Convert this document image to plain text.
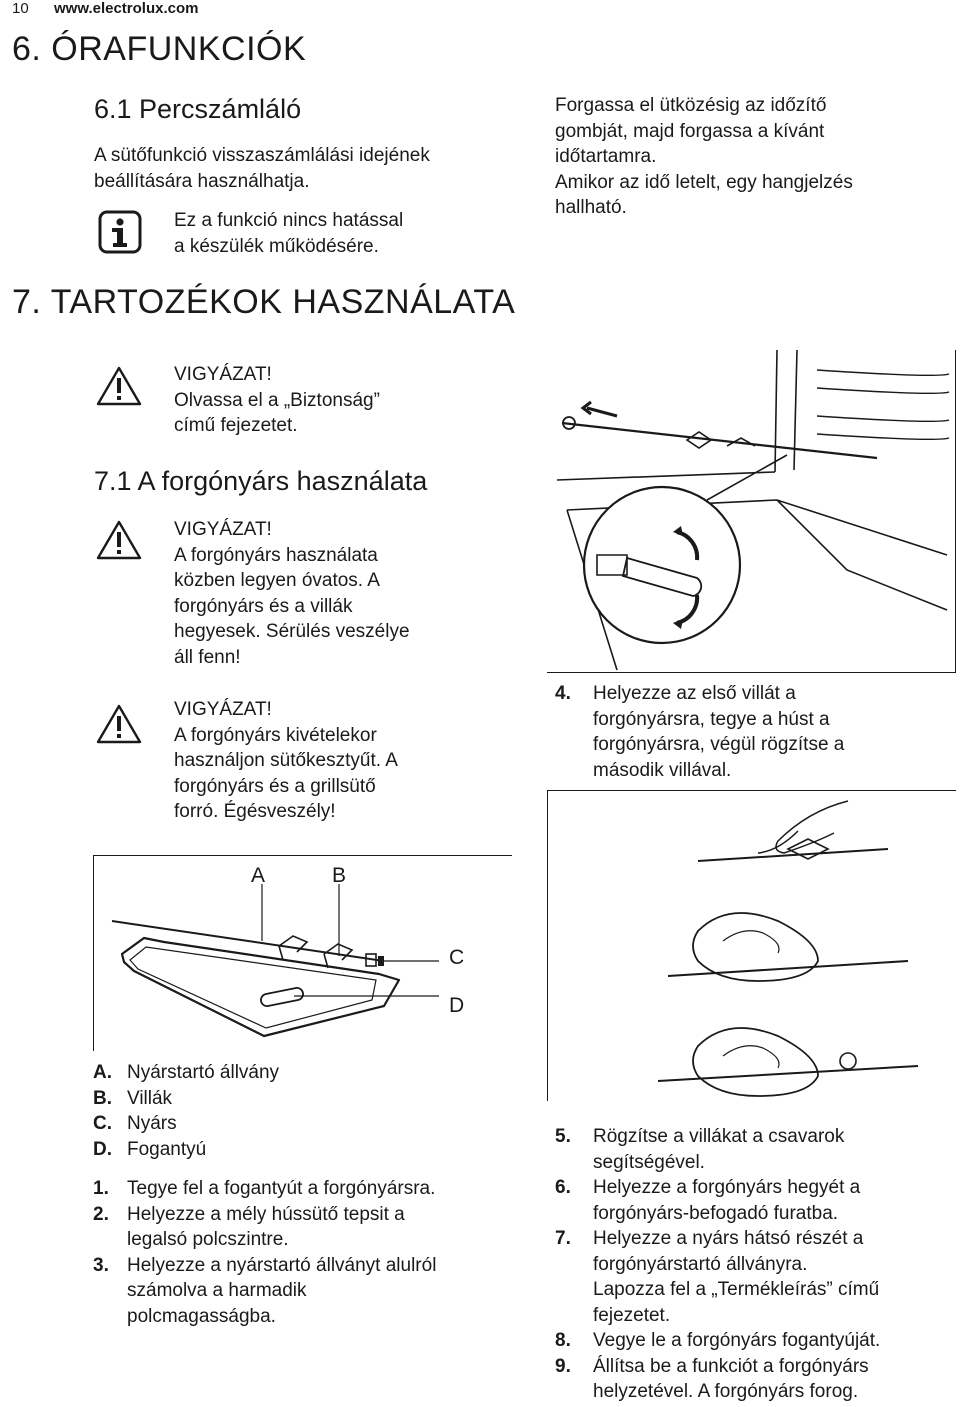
10 www.electrolux.com
6. ÓRAFUNKCIÓK
6.1 Percszámláló
A sütőfunkció visszaszámlálási idejének
beállítására használhatja.
Ez a funkció nincs hatással
a készülék működésére.
Forgassa el ütközésig az időzítő
gombját, majd forgassa a kívánt
időtartamra.
Amikor az idő letelt, egy hangjelzés
hallható.
7. TARTOZÉKOK HASZNÁLATA
VIGYÁZAT!
Olvassa el a „Biztonság”
című fejezetet.
7.1 A forgónyárs használata
VIGYÁZAT!
A forgónyárs használata
közben legyen óvatos. A
forgónyárs és a villák
hegyesek. Sérülés veszélye
áll fenn!
VIGYÁZAT!
A forgónyárs kivételekor
használjon sütőkesztyűt. A
forgónyárs és a grillsütő
forró. Égésveszély!
A	B
C
D
4.	Helyezze az első villát a
forgónyársra, tegye a húst a
forgónyársra, végül rögzítse a
második villával.
A. Nyárstartó állvány
B. Villák
C. Nyárs
D. Fogantyú
1. Tegye fel a fogantyút a forgónyársra.
2. Helyezze a mély hússütő tepsit a
legalsó polcszintre.
3. Helyezze a nyárstartó állványt alulról
számolva a harmadik
polcmagasságba.
5.	Rögzítse a villákat a csavarok
segítségével.
6.	Helyezze a forgónyárs hegyét a
forgónyárs-befogadó furatba.
7.	Helyezze a nyárs hátsó részét a
forgónyárstartó állványra.
Lapozza fel a „Termékleírás” című
fejezetet.
8.	Vegye le a forgónyárs fogantyúját.
9.	Állítsa be a funkciót a forgónyárs
helyzetével. A forgónyárs forog.
